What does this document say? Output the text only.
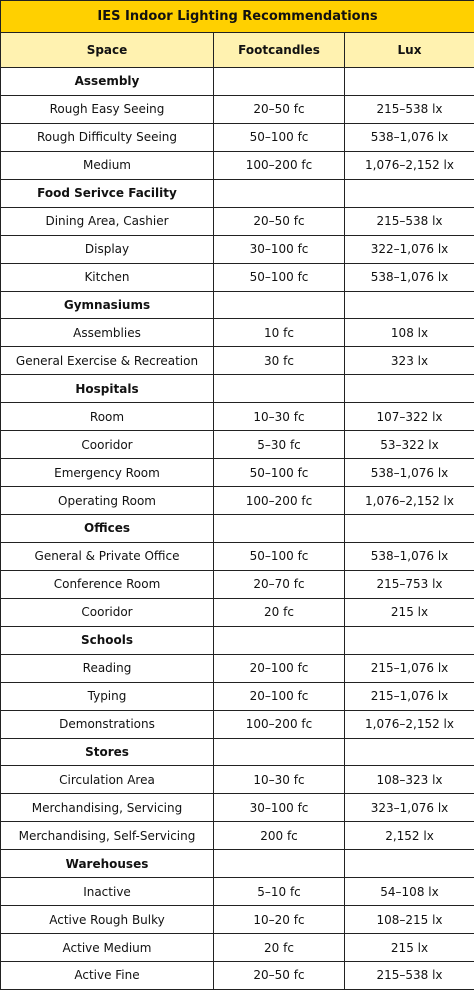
IES Indoor Lighting Recommendations		
Space	Footcandles	Lux
Assembly		
Rough Easy Seeing	20–50 fc	215–538 lx
Rough Difficulty Seeing	50–100 fc	538–1,076 lx
Medium	100–200 fc	1,076–2,152 lx
Food Serivce Facility		
Dining Area, Cashier	20–50 fc	215–538 lx
Display	30–100 fc	322–1,076 lx
Kitchen	50–100 fc	538–1,076 lx
Gymnasiums		
Assemblies	10 fc	108 lx
General Exercise & Recreation	30 fc	323 lx
Hospitals		
Room	10–30 fc	107–322 lx
Cooridor	5–30 fc	53–322 lx
Emergency Room	50–100 fc	538–1,076 lx
Operating Room	100–200 fc	1,076–2,152 lx
Offices		
General & Private Office	50–100 fc	538–1,076 lx
Conference Room	20–70 fc	215–753 lx
Cooridor	20 fc	215 lx
Schools		
Reading	20–100 fc	215–1,076 lx
Typing	20–100 fc	215–1,076 lx
Demonstrations	100–200 fc	1,076–2,152 lx
Stores		
Circulation Area	10–30 fc	108–323 lx
Merchandising, Servicing	30–100 fc	323–1,076 lx
Merchandising, Self-Servicing	200 fc	2,152 lx
Warehouses		
Inactive	5–10 fc	54–108 lx
Active Rough Bulky	10–20 fc	108–215 lx
Active Medium	20 fc	215 lx
Active Fine	20–50 fc	215–538 lx
